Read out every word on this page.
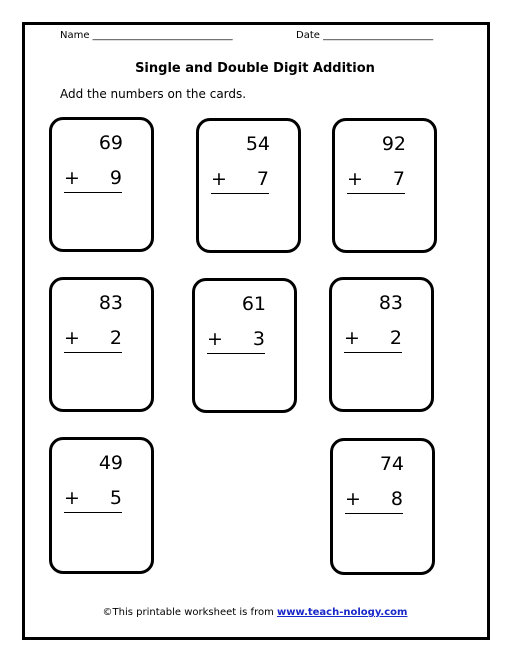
Name ____________________________	Date ______________________
Single and Double Digit Addition
Add the numbers on the cards.
69
+ 9
54
+ 7
92
+ 7
83
+ 2
61
+ 3
83
+ 2
49
+ 5
74
+ 8
©This printable worksheet is from www.teach-nology.com
